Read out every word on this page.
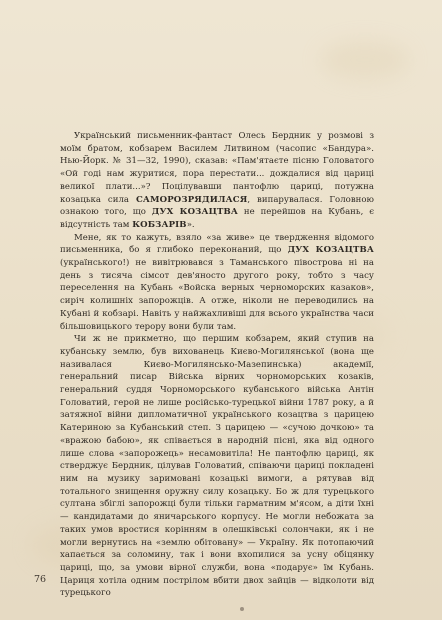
Український письменник-фантаст Олесь Бердник у розмові з моїм братом, кобзарем Василем Литвином (часопис «Бандура». Нью-Йорк. № 31—32, 1990), сказав: «Пам'ятаєте пісню Головатого «Ой годі нам журитися, пора перестати... дождалися від цариці великої плати...»? Поцілувавши пантофлю цариці, потужна козацька сила САМОРОЗРЯДИЛАСЯ, випарувалася. Головною ознакою того, що ДУХ КОЗАЦТВА не перейшов на Кубань, є відсутність там КОБЗАРІВ».

Мене, як то кажуть, взяло «за живе» це твердження відомого письменника, бо я глибоко переконаний, що ДУХ КОЗАЦТВА (українського!) не вивітрювався з Таманського півострова ні на день з тисяча сімсот дев'яносто другого року, тобто з часу переселення на Кубань «Войска верных черноморских казаков», сиріч колишніх запорожців. А отже, ніколи не переводились на Кубані й кобзарі. Навіть у найжахливіші для всього українства часи більшовицького терору вони були там.

Чи ж не прикметно, що першим кобзарем, який ступив на кубанську землю, був вихованець Києво-Могилянської (вона ще називалася Києво-Могилянсько-Мазепинська) академії, генеральний писар Війська вірних чорноморських козаків, генеральний суддя Чорноморського кубанського війська Антін Головатий, герой не лише російсько-турецької війни 1787 року, а й затяжної війни дипломатичної українського козацтва з царицею Катериною за Кубанський степ. З царицею — «сучою дочкою» та «вражою бабою», як співається в народній пісні, яка від одного лише слова «запорожець» несамовитіла! Не пантофлю цариці, як стверджує Бердник, цілував Головатий, співаючи цариці покладені ним на музику заримовані козацькі вимоги, а рятував від тотального знищення оружну силу козацьку. Бо ж для турецького султана збіглі запорожці були тільки гарматним м'ясом, а діти їхні — кандидатами до яничарського корпусу. Не могли небожата за таких умов вростися корінням в олешківські солончаки, як і не могли вернутись на «землю обітовану» — Україну. Як потопаючий хапається за соломину, так і вони вхопилися за усну обіцянку цариці, що, за умови вірної служби, вона «подарує» їм Кубань. Цариця хотіла одним пострілом вбити двох зайців — відколоти від турецького

76
